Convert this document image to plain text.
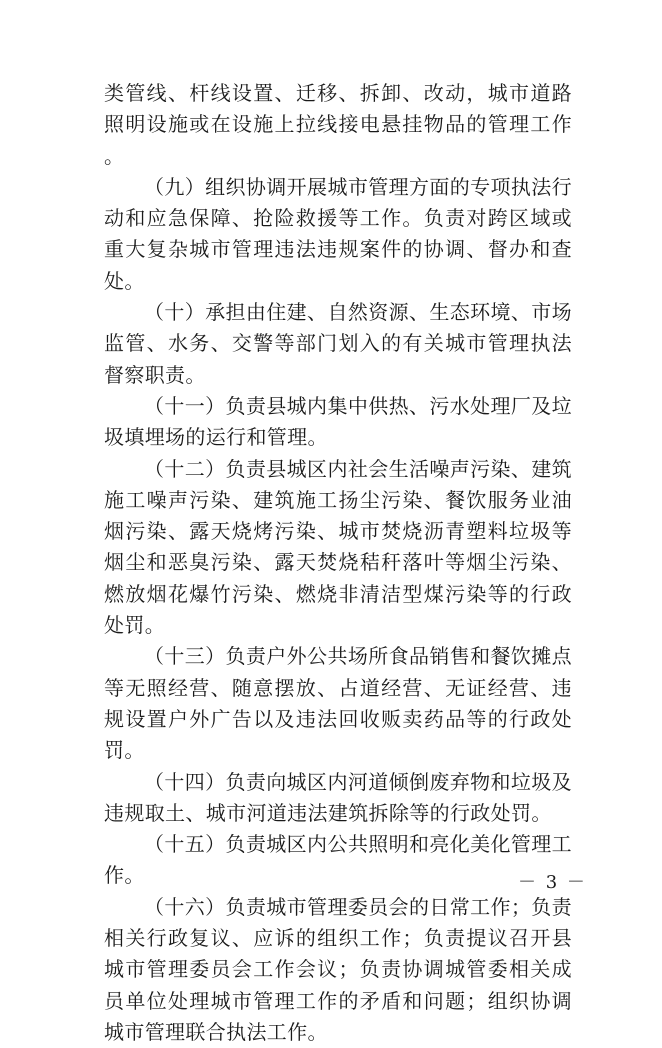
类管线、杆线设置、迁移、拆卸、改动，城市道路照明设施或在设施上拉线接电悬挂物品的管理工作。

（九）组织协调开展城市管理方面的专项执法行动和应急保障、抢险救援等工作。负责对跨区域或重大复杂城市管理违法违规案件的协调、督办和查处。

（十）承担由住建、自然资源、生态环境、市场监管、水务、交警等部门划入的有关城市管理执法督察职责。

（十一）负责县城内集中供热、污水处理厂及垃圾填埋场的运行和管理。

（十二）负责县城区内社会生活噪声污染、建筑施工噪声污染、建筑施工扬尘污染、餐饮服务业油烟污染、露天烧烤污染、城市焚烧沥青塑料垃圾等烟尘和恶臭污染、露天焚烧秸秆落叶等烟尘污染、燃放烟花爆竹污染、燃烧非清洁型煤污染等的行政处罚。

（十三）负责户外公共场所食品销售和餐饮摊点等无照经营、随意摆放、占道经营、无证经营、违规设置户外广告以及违法回收贩卖药品等的行政处罚。

（十四）负责向城区内河道倾倒废弃物和垃圾及违规取土、城市河道违法建筑拆除等的行政处罚。

（十五）负责城区内公共照明和亮化美化管理工作。

（十六）负责城市管理委员会的日常工作；负责相关行政复议、应诉的组织工作；负责提议召开县城市管理委员会工作会议；负责协调城管委相关成员单位处理城市管理工作的矛盾和问题；组织协调城市管理联合执法工作。

－ 3 －
